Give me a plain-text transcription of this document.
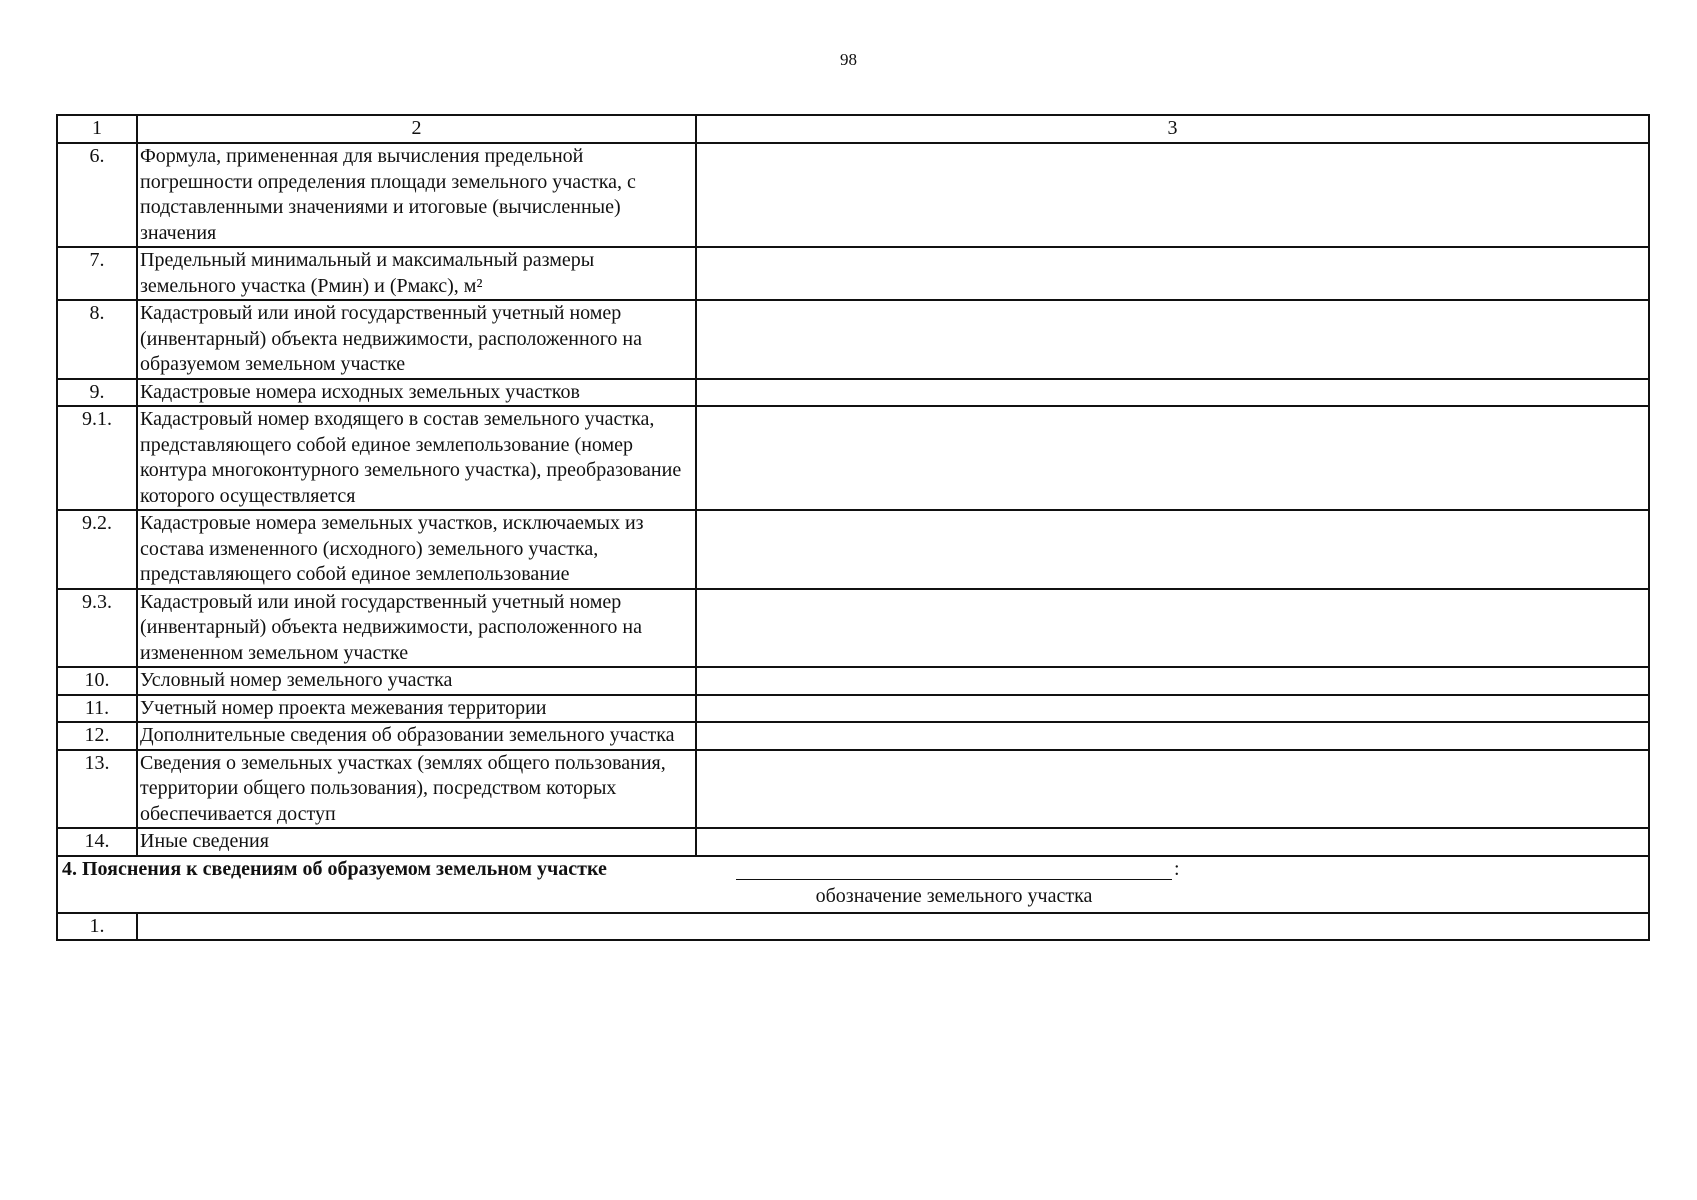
98
1	2	3
6.	Формула, примененная для вычисления предельной погрешности определения площади земельного участка, с подставленными значениями и итоговые (вычисленные) значения	
7.	Предельный минимальный и максимальный размеры земельного участка (Pмин) и (Pмакс), м²	
8.	Кадастровый или иной государственный учетный номер (инвентарный) объекта недвижимости, расположенного на образуемом земельном участке	
9.	Кадастровые номера исходных земельных участков	
9.1.	Кадастровый номер входящего в состав земельного участка, представляющего собой единое землепользование (номер контура многоконтурного земельного участка), преобразование которого осуществляется	
9.2.	Кадастровые номера земельных участков, исключаемых из состава измененного (исходного) земельного участка, представляющего собой единое землепользование	
9.3.	Кадастровый или иной государственный учетный номер (инвентарный) объекта недвижимости, расположенного на измененном земельном участке	
10.	Условный номер земельного участка	
11.	Учетный номер проекта межевания территории	
12.	Дополнительные сведения об образовании земельного участка	
13.	Сведения о земельных участках (землях общего пользования, территории общего пользования), посредством которых обеспечивается доступ	
14.	Иные сведения	

4. Пояснения к сведениям об образуемом земельном участке :
обозначение земельного участка		

1.		
